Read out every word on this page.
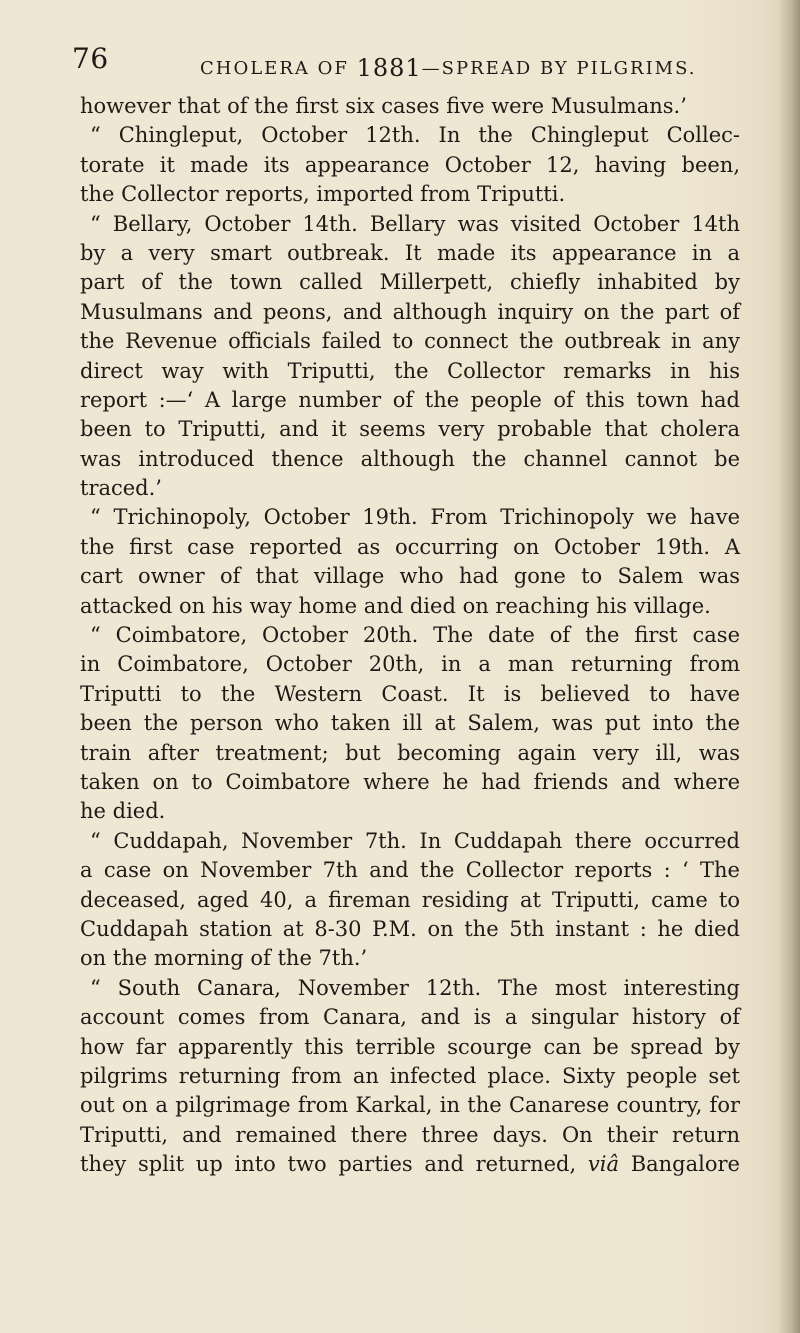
76	CHOLERA OF 1881—SPREAD BY PILGRIMS.
however that of the first six cases five were Musulmans.’
“ Chingleput, October 12th. In the Chingleput Collec-
torate it made its appearance October 12, having been,
the Collector reports, imported from Triputti.
“ Bellary, October 14th. Bellary was visited October 14th
by a very smart outbreak. It made its appearance in a
part of the town called Millerpett, chiefly inhabited by
Musulmans and peons, and although inquiry on the part of
the Revenue officials failed to connect the outbreak in any
direct way with Triputti, the Collector remarks in his
report :—‘ A large number of the people of this town had
been to Triputti, and it seems very probable that cholera
was introduced thence although the channel cannot be
traced.’
“ Trichinopoly, October 19th. From Trichinopoly we have
the first case reported as occurring on October 19th. A
cart owner of that village who had gone to Salem was
attacked on his way home and died on reaching his village.
“ Coimbatore, October 20th. The date of the first case
in Coimbatore, October 20th, in a man returning from
Triputti to the Western Coast. It is believed to have
been the person who taken ill at Salem, was put into the
train after treatment; but becoming again very ill, was
taken on to Coimbatore where he had friends and where
he died.
“ Cuddapah, November 7th. In Cuddapah there occurred
a case on November 7th and the Collector reports : ‘ The
deceased, aged 40, a fireman residing at Triputti, came to
Cuddapah station at 8-30 P.M. on the 5th instant : he died
on the morning of the 7th.’
“ South Canara, November 12th. The most interesting
account comes from Canara, and is a singular history of
how far apparently this terrible scourge can be spread by
pilgrims returning from an infected place. Sixty people set
out on a pilgrimage from Karkal, in the Canarese country, for
Triputti, and remained there three days. On their return
they split up into two parties and returned, viâ Bangalore
